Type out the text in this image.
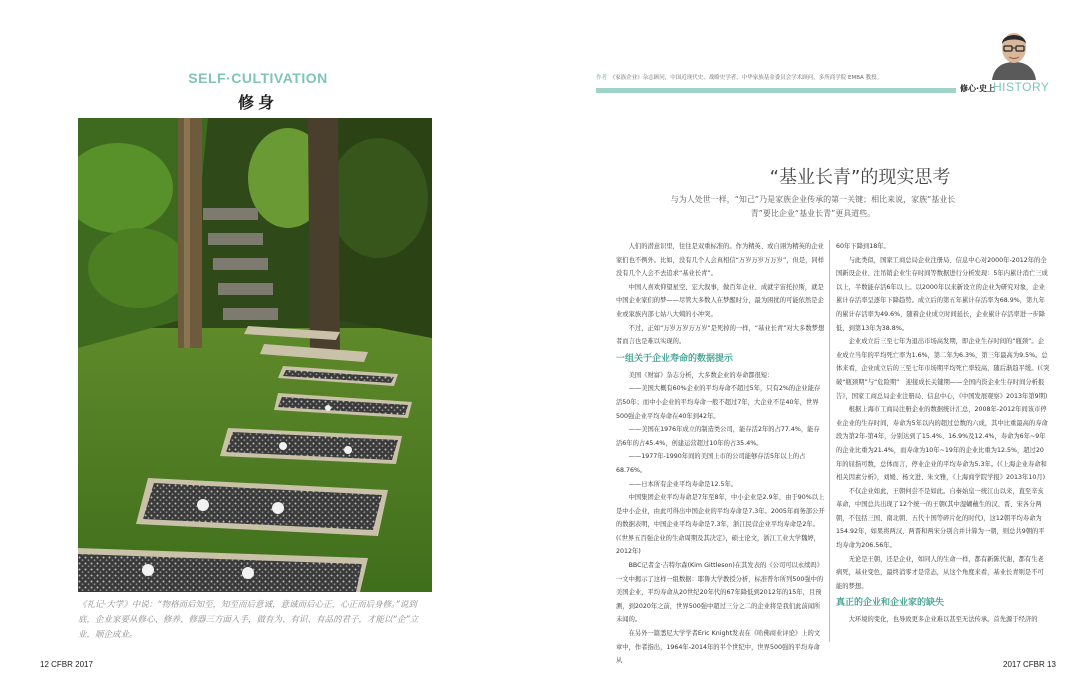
SELF·CULTIVATION
修身
《礼记·大学》中说：“物格而后知至，知至而后意诚，意诚而后心正，心正而后身修。”说到底，企业家要从修心、修养、修器三方面入手，做有为、有识、有品的君子，才能以“企”立业，顺企成业。
12 CFBR 2017
作者　 《家族企业》杂志顾问，中国近现代史、战略史学者，中华家族基金委员会学术顾问，多所商学院 EMBA 教授。
修心·史上
HISTORY
“基业长青”的现实思考
与为人处世一样，“知己”乃是家族企业传承的第一关键；相比来说，家族“基业长青”要比企业“基业长青”更具道些。

人们的潜意识里，往往是双重标准的。作为精英、或自诩为精英的企业家们也不例外。比如，没有几个人会真相信“万岁万岁万万岁”，但是，同样没有几个人会不去追求“基业长青”。

中国人喜欢仰望星空、宏大叙事，做百年企业、成就宇宙托拉斯，就是中国企业家们的梦——尽管大多数人在梦醒时分，最为困扰的可能依然是企业或家族内部七姑八大姨的小冲突。

不过，正如“万岁万岁万万岁”是死掉的一样，“基业长青”对大多数梦想者而言也是难以实现的。

一组关于企业寿命的数据提示

美国《财富》杂志分析，大多数企业的寿命都很短：

——美国大概有60%企业的平均寿命不超过5年，只有2%的企业能存活50年；而中小企业的平均寿命一般不超过7年，大企业不足40年，世界500强企业平均寿命在40年到42年。

——美国在1976年成立的制造类公司，能存活2年的占77.4%，能存活6年的占45.4%，创建运营超过10年的占35.4%。

——1977年-1990年间的美国上市的公司能够存活5年以上的占68.76%。

——日本所有企业平均寿命是12.5年。

中国集团企业平均寿命是7年至8年，中小企业是2.9年，由于90%以上是中小企业，由此可得出中国企业的平均寿命是7.3年。2005年商务部公开的数据表明，中国企业平均寿命是7.3年，浙江民营企业平均寿命是2年。(《世界五百强企业的生命周期及其决定》，硕士论文，浙江工业大学魏婷，2012年)

BBC记者金·吉特尔森(Kim Gittleson)在其发表的《公司可以永续吗》一文中揭示了这样一组数据：耶鲁大学教授分析，标准普尔所列500强中的美国企业，平均寿命从20世纪20年代的67年降低到2012年的15年，且预测，到2020年之前，世界500强中超过三分之二的企业将是我们此前闻所未闻的。

在另外一篇悉尼大学学者Eric Knight发表在《哈佛商业评论》上的文章中，作者指出，1964年-2014年的半个世纪中，世界500强的平均寿命从

60年下降到18年。

与此类似，国家工商总局企业注册局、信息中心对2000年-2012年的全国新设企业、注吊销企业生存时间等数据进行分析发现：5年内累计消亡三成以上，半数能存活6年以上。以2000年以来新设立的企业为研究对象，企业累计存活率呈逐年下降趋势。成立后的第五年累计存活率为68.9%，第九年的累计存活率为49.6%，随着企业成立时间延长，企业累计存活率进一步降低，到第13年为38.8%。

企业成立后三至七年为退出市场高发期，即企业生存时间的“瓶颈”。企业成立当年的平均死亡率为1.6%，第二年为6.3%，第三年最高为9.5%。总体来看，企业成立后的三至七年市场期平均死亡率较高，随后渐趋平缓。(《突破“瓶颈期”与“危险期”　迎接成长关键期——全国内资企业生存时间分析报告》，国家工商总局企业注册局、信息中心，《中国发展观察》2013年第9期)

根据上海市工商局注册企业的数据统计汇总，2008年-2012年间该市停业企业的生存时间，寿命为5年以内的超过总数的六成，其中比重最高的寿命段为第2年-第4年，分别达到了15.4%、16.9%及12.4%，寿命为6年~9年的企业比重为21.4%，而寿命为10年~19年的企业比重为12.5%，超过20年的屈指可数，总体而言，停业企业的平均寿命为5.3年。(《上海企业寿命和相关因素分析》，刘媛、杨文进、朱文雅，《上海商学院学报》2013年10月)

不仅企业如此，王朝何尝不是如此。自秦始皇一统江山以来，直至辛亥革命，中国总共出现了12个统一的王朝(其中湿蝴蘸生的汉、晋、宋各分两朝，不包括三国、南北朝、五代十国等碎片化的时代)，这12朝平均寿命为154.92年，如果将两汉、两晋和两宋分别合并计算为一朝，则总共9朝的平均寿命为206.56年。

无论是王朝，还是企业，如同人的生命一样，都有新陈代谢，都有生老病死，基业变色，最终消零才是常态，从这个角度来看，基业长青则是不可能的梦想。

真正的企业和企业家的缺失

大环境的变化，也导致更多企业难以甚至无法传承。首先源于经济的

2017 CFBR 13
